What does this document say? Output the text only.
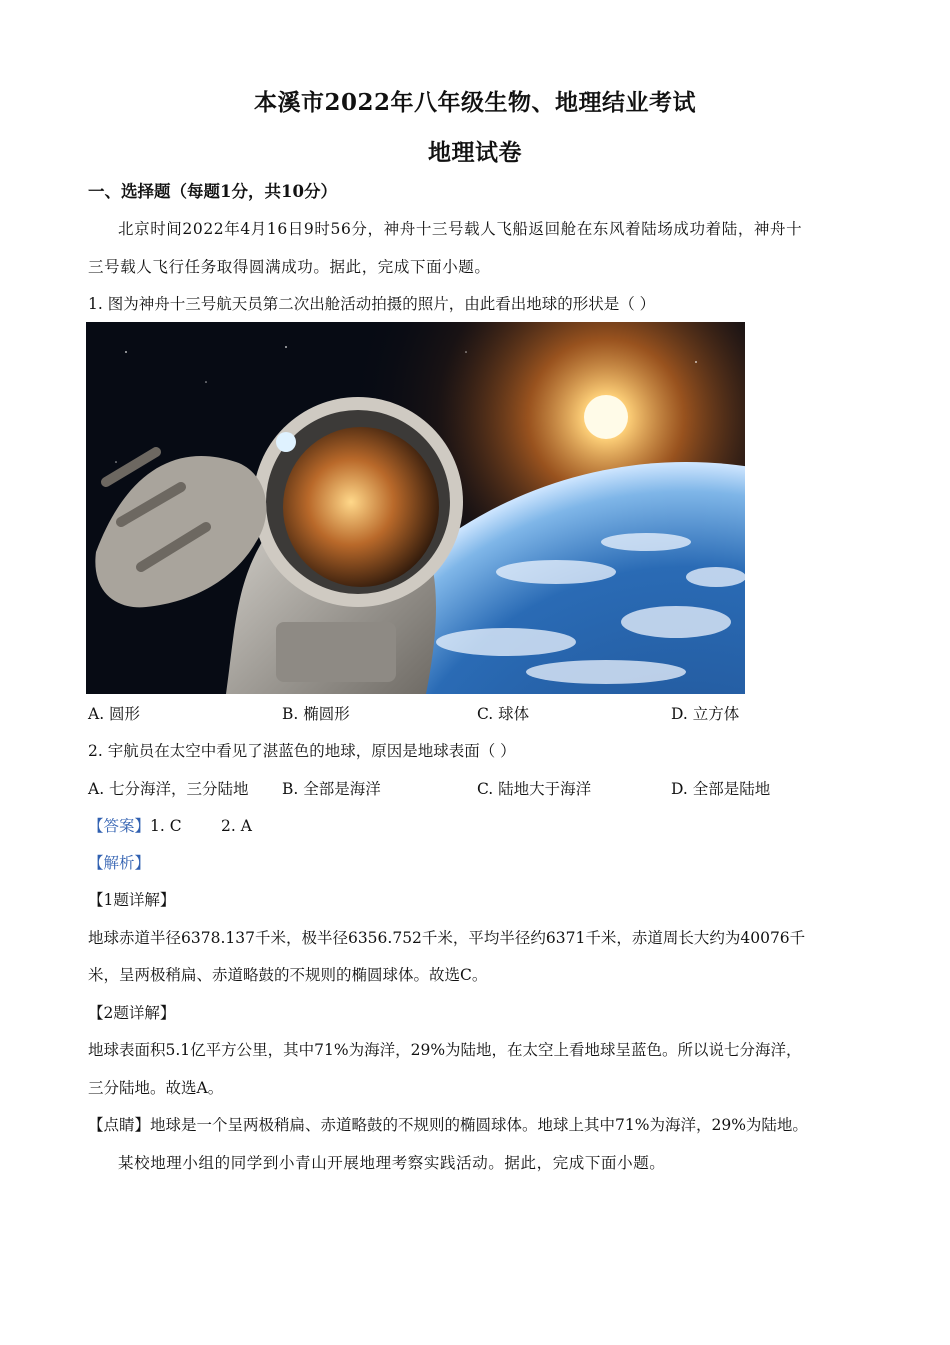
本溪市2022年八年级生物、地理结业考试
地理试卷
一、选择题（每题1分，共10分）
北京时间2022年4月16日9时56分，神舟十三号载人飞船返回舱在东风着陆场成功着陆，神舟十
三号载人飞行任务取得圆满成功。据此，完成下面小题。
1. 图为神舟十三号航天员第二次出舱活动拍摄的照片，由此看出地球的形状是（ ）
A. 圆形	B. 椭圆形	C. 球体	D. 立方体
2. 宇航员在太空中看见了湛蓝色的地球，原因是地球表面（ ）
A. 七分海洋，三分陆地 B. 全部是海洋	C. 陆地大于海洋	D. 全部是陆地
【答案】1. C        2. A
【解析】
【1题详解】
地球赤道半径6378.137千米，极半径6356.752千米，平均半径约6371千米，赤道周长大约为40076千
米，呈两极稍扁、赤道略鼓的不规则的椭圆球体。故选C。
【2题详解】
地球表面积5.1亿平方公里，其中71%为海洋，29%为陆地，在太空上看地球呈蓝色。所以说七分海洋，
三分陆地。故选A。
【点睛】地球是一个呈两极稍扁、赤道略鼓的不规则的椭圆球体。地球上其中71%为海洋，29%为陆地。
某校地理小组的同学到小青山开展地理考察实践活动。据此，完成下面小题。
